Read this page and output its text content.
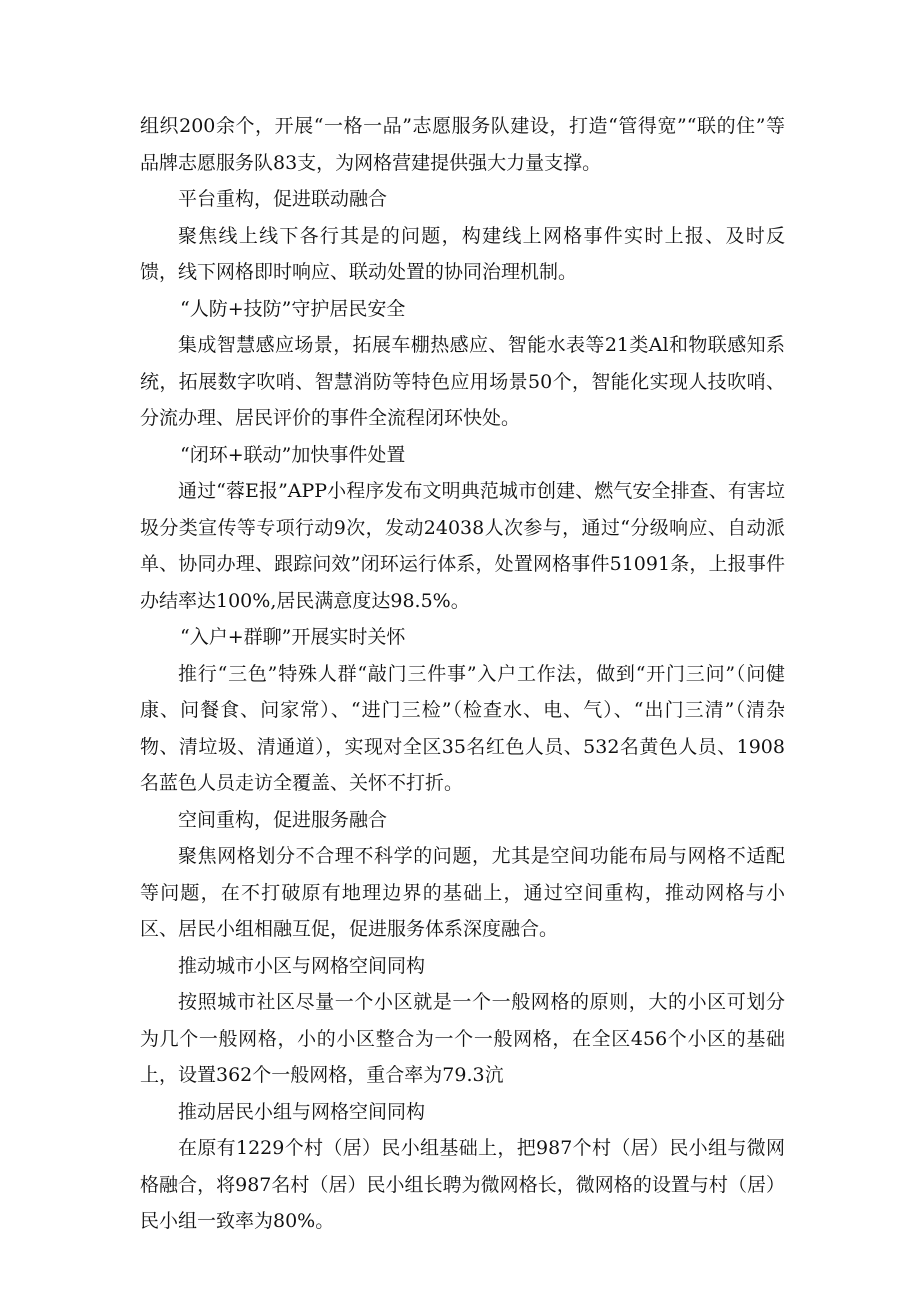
组织200余个，开展“一格一品”志愿服务队建设，打造“管得宽”“联的住”等品牌志愿服务队83支，为网格营建提供强大力量支撑。

平台重构，促进联动融合

聚焦线上线下各行其是的问题，构建线上网格事件实时上报、及时反馈，线下网格即时响应、联动处置的协同治理机制。

“人防+技防”守护居民安全

集成智慧感应场景，拓展车棚热感应、智能水表等21类Al和物联感知系统，拓展数字吹哨、智慧消防等特色应用场景50个，智能化实现人技吹哨、分流办理、居民评价的事件全流程闭环快处。

“闭环+联动”加快事件处置

通过“蓉E报”APP小程序发布文明典范城市创建、燃气安全排查、有害垃圾分类宣传等专项行动9次，发动24038人次参与，通过“分级响应、自动派单、协同办理、跟踪问效”闭环运行体系，处置网格事件51091条，上报事件办结率达100%,居民满意度达98.5%。

“入户+群聊”开展实时关怀

推行“三色”特殊人群“敲门三件事”入户工作法，做到“开门三问”（问健康、问餐食、问家常）、“进门三检”（检查水、电、气）、“出门三清”（清杂物、清垃圾、清通道），实现对全区35名红色人员、532名黄色人员、1908名蓝色人员走访全覆盖、关怀不打折。

空间重构，促进服务融合

聚焦网格划分不合理不科学的问题，尤其是空间功能布局与网格不适配等问题，在不打破原有地理边界的基础上，通过空间重构，推动网格与小区、居民小组相融互促，促进服务体系深度融合。

推动城市小区与网格空间同构

按照城市社区尽量一个小区就是一个一般网格的原则，大的小区可划分为几个一般网格，小的小区整合为一个一般网格，在全区456个小区的基础上，设置362个一般网格，重合率为79.3沆

推动居民小组与网格空间同构

在原有1229个村（居）民小组基础上，把987个村（居）民小组与微网格融合，将987名村（居）民小组长聘为微网格长，微网格的设置与村（居）民小组一致率为80%。
